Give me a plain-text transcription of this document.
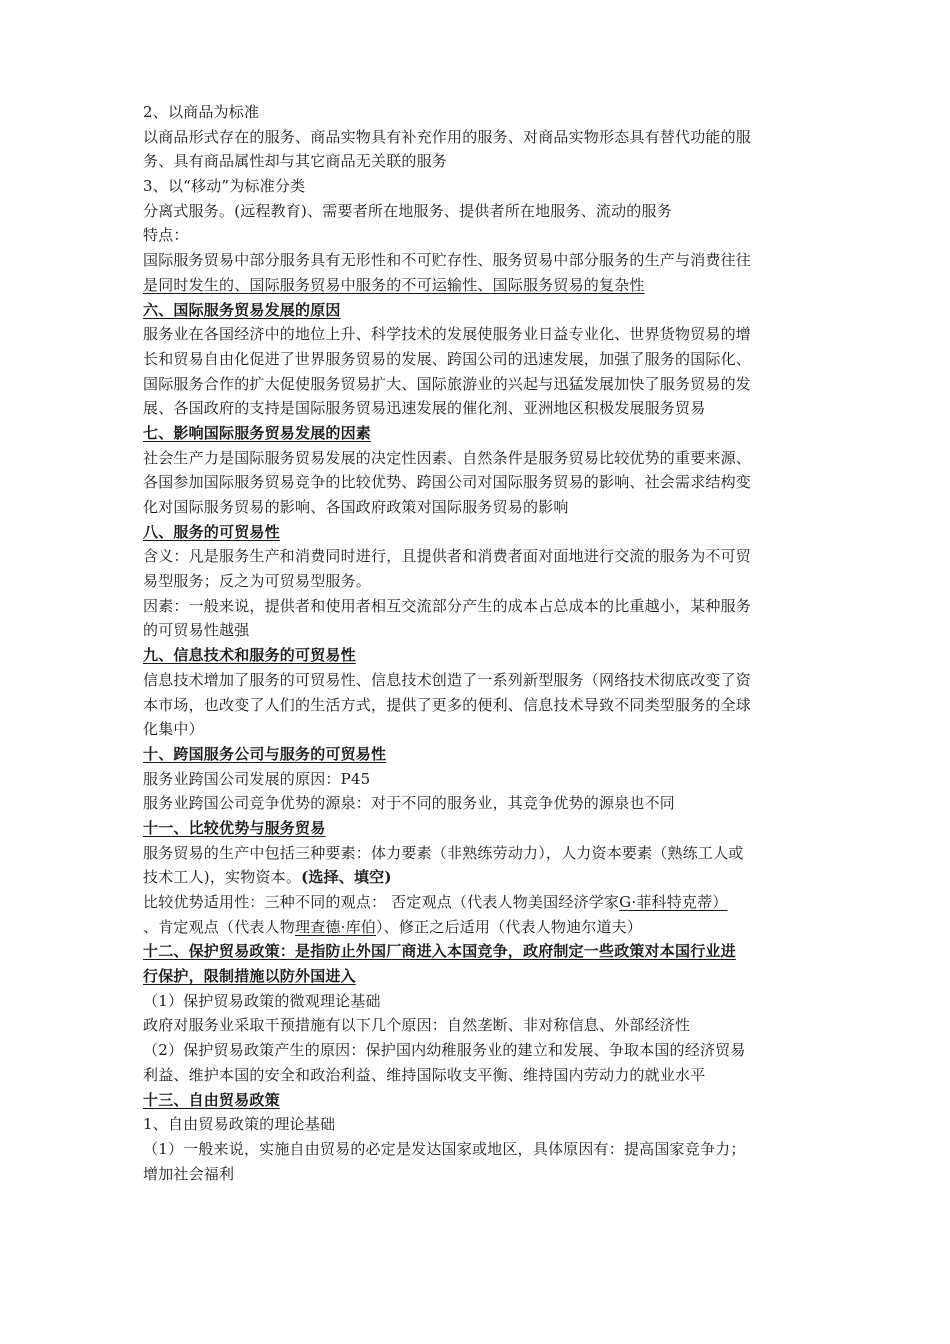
2、以商品为标准
以商品形式存在的服务、商品实物具有补充作用的服务、对商品实物形态具有替代功能的服
务、具有商品属性却与其它商品无关联的服务
3、以“移动”为标准分类
分离式服务。(远程教育)、需要者所在地服务、提供者所在地服务、流动的服务
特点：
国际服务贸易中部分服务具有无形性和不可贮存性、服务贸易中部分服务的生产与消费往往
是同时发生的、国际服务贸易中服务的不可运输性、国际服务贸易的复杂性
六、国际服务贸易发展的原因
服务业在各国经济中的地位上升、科学技术的发展使服务业日益专业化、世界货物贸易的增
长和贸易自由化促进了世界服务贸易的发展、跨国公司的迅速发展，加强了服务的国际化、
国际服务合作的扩大促使服务贸易扩大、国际旅游业的兴起与迅猛发展加快了服务贸易的发
展、各国政府的支持是国际服务贸易迅速发展的催化剂、亚洲地区积极发展服务贸易
七、影响国际服务贸易发展的因素
社会生产力是国际服务贸易发展的决定性因素、自然条件是服务贸易比较优势的重要来源、
各国参加国际服务贸易竞争的比较优势、跨国公司对国际服务贸易的影响、社会需求结构变
化对国际服务贸易的影响、各国政府政策对国际服务贸易的影响
八、服务的可贸易性
含义：凡是服务生产和消费同时进行，且提供者和消费者面对面地进行交流的服务为不可贸
易型服务；反之为可贸易型服务。
因素：一般来说，提供者和使用者相互交流部分产生的成本占总成本的比重越小，某种服务
的可贸易性越强
九、信息技术和服务的可贸易性
信息技术增加了服务的可贸易性、信息技术创造了一系列新型服务（网络技术彻底改变了资
本市场，也改变了人们的生活方式，提供了更多的便利、信息技术导致不同类型服务的全球
化集中）
十、跨国服务公司与服务的可贸易性
服务业跨国公司发展的原因：P45
服务业跨国公司竞争优势的源泉：对于不同的服务业，其竞争优势的源泉也不同
十一、比较优势与服务贸易
服务贸易的生产中包括三种要素：体力要素（非熟练劳动力），人力资本要素（熟练工人或
技术工人)，实物资本。(选择、填空)
比较优势适用性：三种不同的观点： 否定观点（代表人物美国经济学家G·菲科特克蒂）
、肯定观点（代表人物理查德·库伯）、修正之后适用（代表人物迪尔道夫）
十二、保护贸易政策：是指防止外国厂商进入本国竞争，政府制定一些政策对本国行业进
行保护，限制措施以防外国进入
（1）保护贸易政策的微观理论基础
政府对服务业采取干预措施有以下几个原因：自然垄断、非对称信息、外部经济性
（2）保护贸易政策产生的原因：保护国内幼稚服务业的建立和发展、争取本国的经济贸易
利益、维护本国的安全和政治利益、维持国际收支平衡、维持国内劳动力的就业水平
十三、自由贸易政策
1、自由贸易政策的理论基础
（1）一般来说，实施自由贸易的必定是发达国家或地区，具体原因有：提高国家竞争力；
增加社会福利
